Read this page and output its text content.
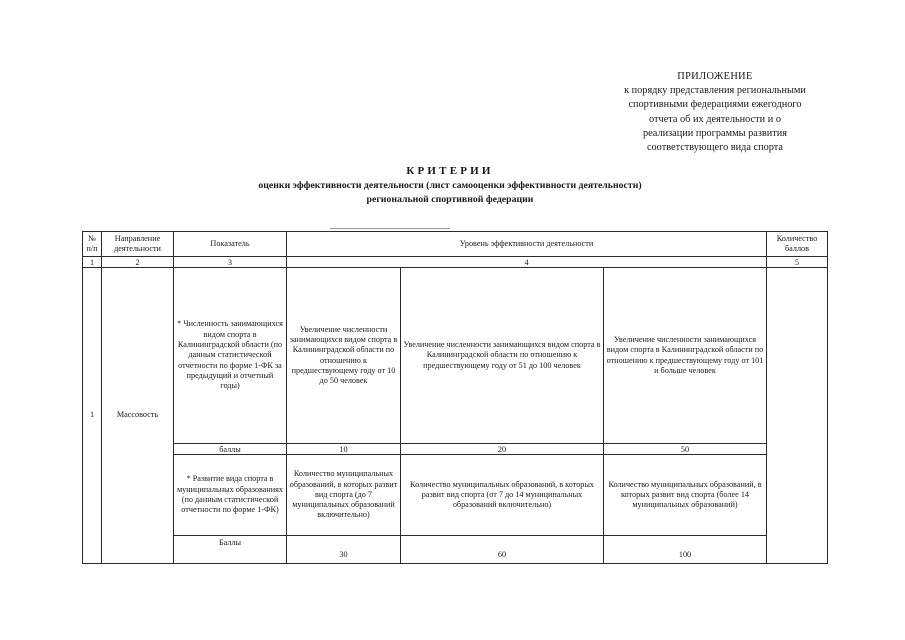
ПРИЛОЖЕНИЕ
к порядку представления региональными
спортивными федерациями ежегодного
отчета об их деятельности и о
реализации программы развития
соответствующего вида спорта
КРИТЕРИИ
оценки эффективности деятельности (лист самооценки эффективности деятельности)
региональной спортивной федерации
№ п/п	Направление деятельности	Показатель	Уровень эффективности деятельности			Количество баллов
1	2	3	4			5
1	Массовость	* Численность занимающихся видом спорта в Калининградской области (по данным статистической отчетности по форме 1-ФК за предыдущий и отчетный годы)	Увеличение численности занимающихся видом спорта в Калининградской области по отношению к предшествующему году от 10 до 50 человек	Увеличение численности занимающихся видом спорта в Калининградской области по отношению к предшествующему году от 51 до 100 человек	Увеличение численности занимающихся видом спорта в Калининградской области по отношению к предшествующему году от 101 и больше человек	
		баллы	10	20	50	
		* Развитие вида спорта в муниципальных образованиях (по данным статистической отчетности по форме 1-ФК)	Количество муниципальных образований, в которых развит вид спорта (до 7 муниципальных образований включительно)	Количество муниципальных образований, в которых развит вид спорта (от 7 до 14 муниципальных образований включительно)	Количество муниципальных образований, в которых развит вид спорта (более 14 муниципальных образований)	
		Баллы	30	60	100	
